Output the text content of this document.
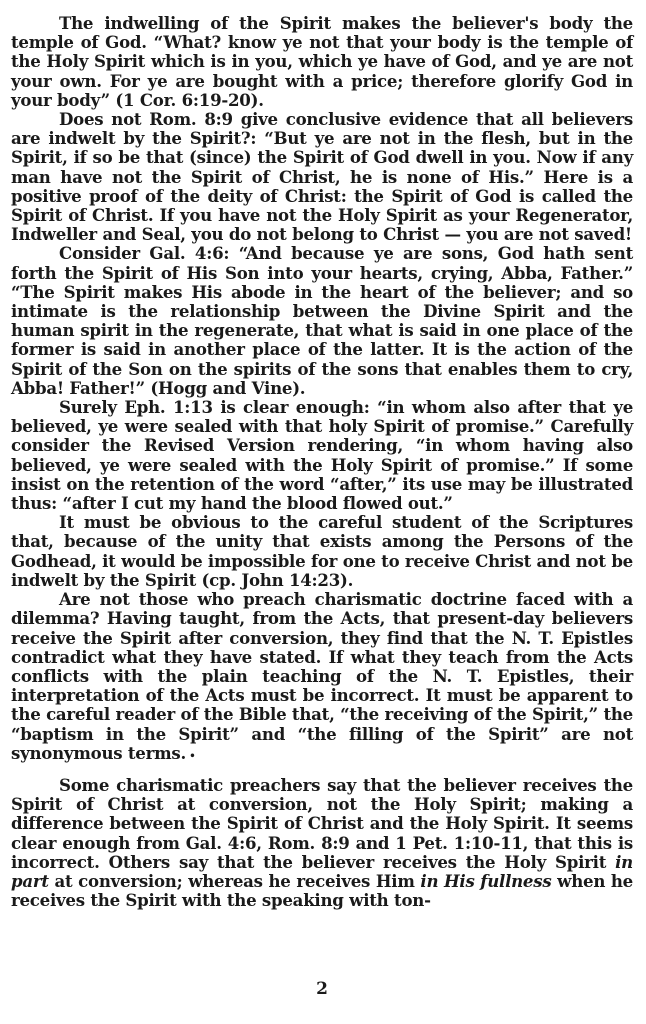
The indwelling of the Spirit makes the believer's body the temple of God. “What? know ye not that your body is the temple of the Holy Spirit which is in you, which ye have of God, and ye are not your own. For ye are bought with a price; therefore glorify God in your body” (1 Cor. 6:19-20).

Does not Rom. 8:9 give conclusive evidence that all believers are indwelt by the Spirit?: “But ye are not in the flesh, but in the Spirit, if so be that (since) the Spirit of God dwell in you. Now if any man have not the Spirit of Christ, he is none of His.” Here is a positive proof of the deity of Christ: the Spirit of God is called the Spirit of Christ. If you have not the Holy Spirit as your Regenerator, Indweller and Seal, you do not belong to Christ — you are not saved!

Consider Gal. 4:6: “And because ye are sons, God hath sent forth the Spirit of His Son into your hearts, crying, Abba, Father.” “The Spirit makes His abode in the heart of the believer; and so intimate is the relationship between the Divine Spirit and the human spirit in the regenerate, that what is said in one place of the former is said in another place of the latter. It is the action of the Spirit of the Son on the spirits of the sons that enables them to cry, Abba! Father!” (Hogg and Vine).

Surely Eph. 1:13 is clear enough: “in whom also after that ye believed, ye were sealed with that holy Spirit of promise.” Carefully consider the Revised Version rendering, “in whom having also believed, ye were sealed with the Holy Spirit of promise.” If some insist on the retention of the word “after,” its use may be illustrated thus: “after I cut my hand the blood flowed out.”

It must be obvious to the careful student of the Scriptures that, because of the unity that exists among the Persons of the Godhead, it would be impossible for one to receive Christ and not be indwelt by the Spirit (cp. John 14:23).

Are not those who preach charismatic doctrine faced with a dilemma? Having taught, from the Acts, that present-day believers receive the Spirit after conversion, they find that the N. T. Epistles contradict what they have stated. If what they teach from the Acts conflicts with the plain teaching of the N. T. Epistles, their interpretation of the Acts must be incorrect. It must be apparent to the careful reader of the Bible that, “the receiving of the Spirit,” the “baptism in the Spirit” and “the filling of the Spirit” are not synonymous terms. •

Some charismatic preachers say that the believer receives the Spirit of Christ at conversion, not the Holy Spirit; making a difference between the Spirit of Christ and the Holy Spirit. It seems clear enough from Gal. 4:6, Rom. 8:9 and 1 Pet. 1:10-11, that this is incorrect. Others say that the believer receives the Holy Spirit in part at conversion; whereas he receives Him in His fullness when he receives the Spirit with the speaking with ton-

2
